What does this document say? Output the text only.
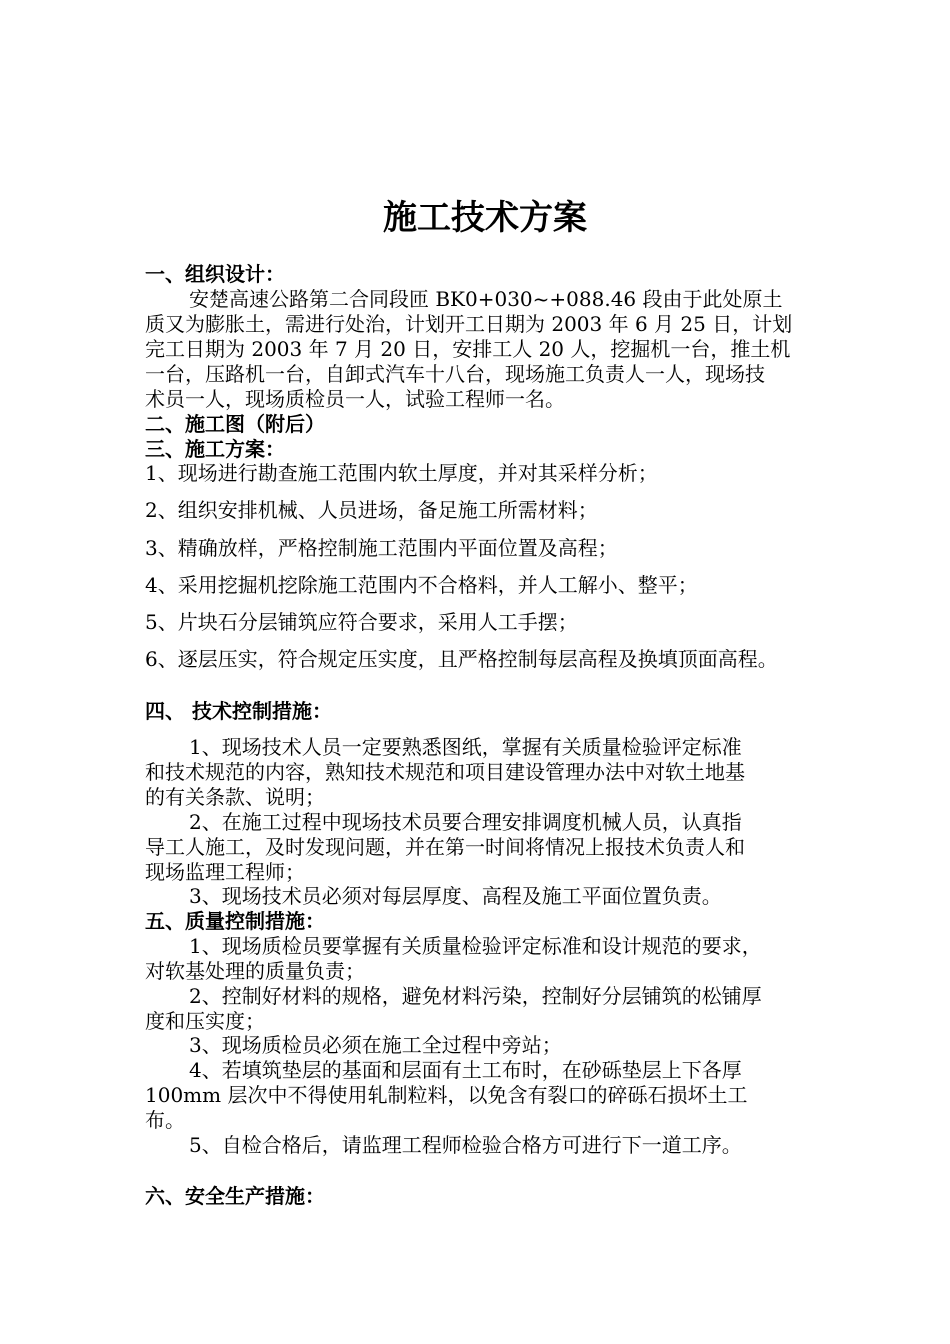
施工技术方案
一、组织设计：
安楚高速公路第二合同段匝 BK0+030~+088.46 段由于此处原土
质又为膨胀土，需进行处治，计划开工日期为 2003 年 6 月 25 日，计划
完工日期为 2003 年 7 月 20 日，安排工人 20 人，挖掘机一台，推土机
一台，压路机一台，自卸式汽车十八台，现场施工负责人一人，现场技
术员一人，现场质检员一人，试验工程师一名。
二、施工图（附后）
三、施工方案：
1、现场进行勘查施工范围内软土厚度，并对其采样分析；
2、组织安排机械、人员进场，备足施工所需材料；
3、精确放样，严格控制施工范围内平面位置及高程；
4、采用挖掘机挖除施工范围内不合格料，并人工解小、整平；
5、片块石分层铺筑应符合要求，采用人工手摆；
6、逐层压实，符合规定压实度，且严格控制每层高程及换填顶面高程。
四、 技术控制措施：
1、现场技术人员一定要熟悉图纸，掌握有关质量检验评定标准
和技术规范的内容，熟知技术规范和项目建设管理办法中对软土地基
的有关条款、说明；
2、在施工过程中现场技术员要合理安排调度机械人员，认真指
导工人施工，及时发现问题，并在第一时间将情况上报技术负责人和
现场监理工程师；
3、现场技术员必须对每层厚度、高程及施工平面位置负责。
五、质量控制措施：
1、现场质检员要掌握有关质量检验评定标准和设计规范的要求，
对软基处理的质量负责；
2、控制好材料的规格，避免材料污染，控制好分层铺筑的松铺厚
度和压实度；
3、现场质检员必须在施工全过程中旁站；
4、若填筑垫层的基面和层面有土工布时，在砂砾垫层上下各厚
100mm 层次中不得使用轧制粒料，以免含有裂口的碎砾石损坏土工
布。
5、自检合格后，请监理工程师检验合格方可进行下一道工序。
六、安全生产措施：
